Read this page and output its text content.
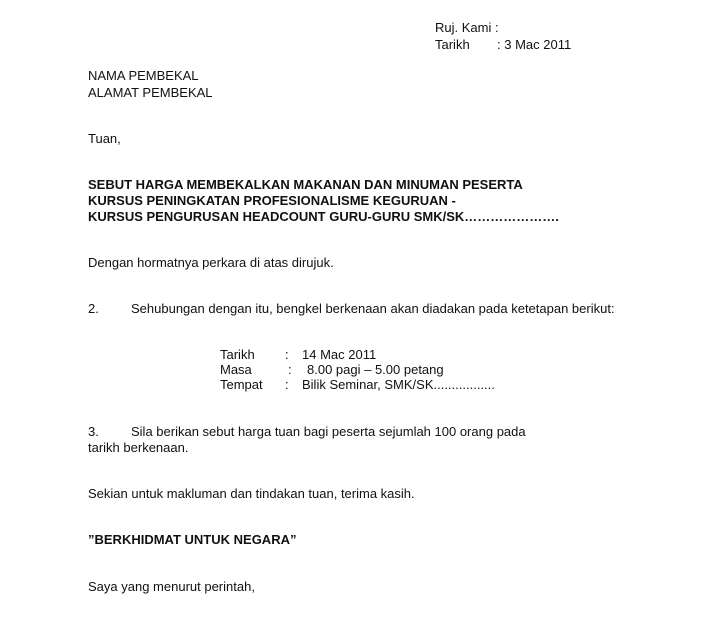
Ruj. Kami :
Tarikh : 3 Mac 2011
NAMA PEMBEKAL
ALAMAT PEMBEKAL
Tuan,
SEBUT HARGA MEMBEKALKAN MAKANAN DAN MINUMAN PESERTA
KURSUS PENINGKATAN PROFESIONALISME KEGURUAN -
KURSUS PENGURUSAN HEADCOUNT GURU-GURU SMK/SK………………….
Dengan hormatnya perkara di atas dirujuk.
2. Sehubungan dengan itu, bengkel berkenaan akan diadakan pada ketetapan berikut:
Tarikh : 14 Mac 2011
Masa	: 8.00 pagi – 5.00 petang
Tempat : Bilik Seminar, SMK/SK.................
3. Sila berikan sebut harga tuan bagi peserta sejumlah 100 orang pada
tarikh berkenaan.
Sekian untuk makluman dan tindakan tuan, terima kasih.
”BERKHIDMAT UNTUK NEGARA”
Saya yang menurut perintah,
